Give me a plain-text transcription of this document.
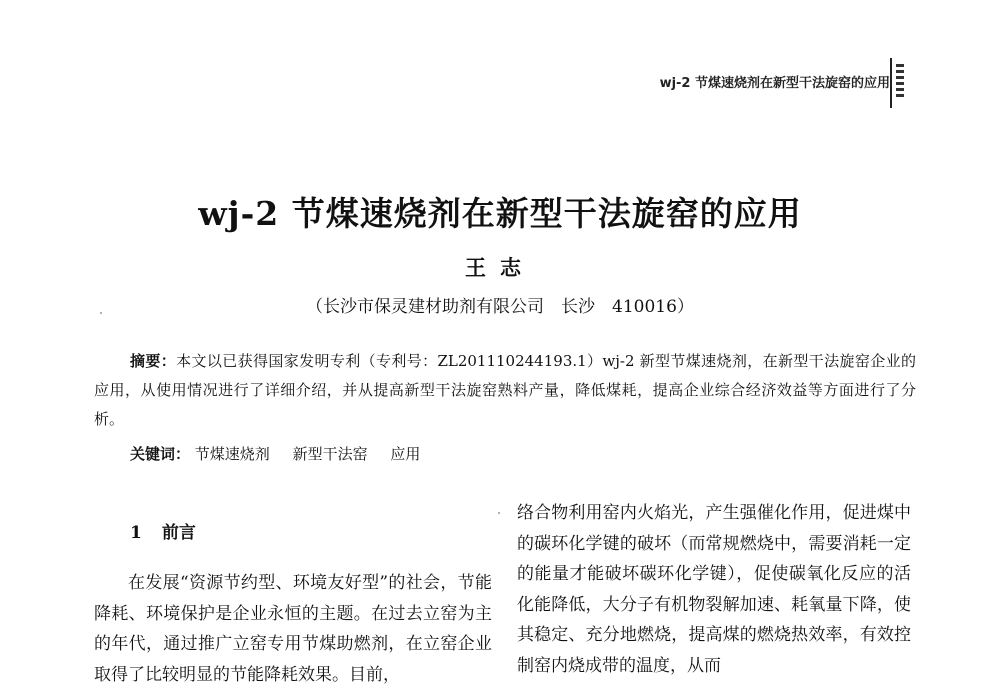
wj-2 节煤速烧剂在新型干法旋窑的应用
wj-2 节煤速烧剂在新型干法旋窑的应用
王志
（长沙市保灵建材助剂有限公司　长沙　410016）

摘要：本文以已获得国家发明专利（专利号：ZL201110244193.1）wj-2 新型节煤速烧剂，在新型干法旋窑企业的应用，从使用情况进行了详细介绍，并从提高新型干法旋窑熟料产量，降低煤耗，提高企业综合经济效益等方面进行了分析。

关键词： 节煤速烧剂 新型干法窑 应用
1 前言

在发展“资源节约型、环境友好型”的社会，节能降耗、环境保护是企业永恒的主题。在过去立窑为主的年代，通过推广立窑专用节煤助燃剂，在立窑企业取得了比较明显的节能降耗效果。目前，

络合物利用窑内火焰光，产生强催化作用，促进煤中的碳环化学键的破坏（而常规燃烧中，需要消耗一定的能量才能破坏碳环化学键），促使碳氧化反应的活化能降低，大分子有机物裂解加速、耗氧量下降，使其稳定、充分地燃烧，提高煤的燃烧热效率，有效控制窑内烧成带的温度，从而
